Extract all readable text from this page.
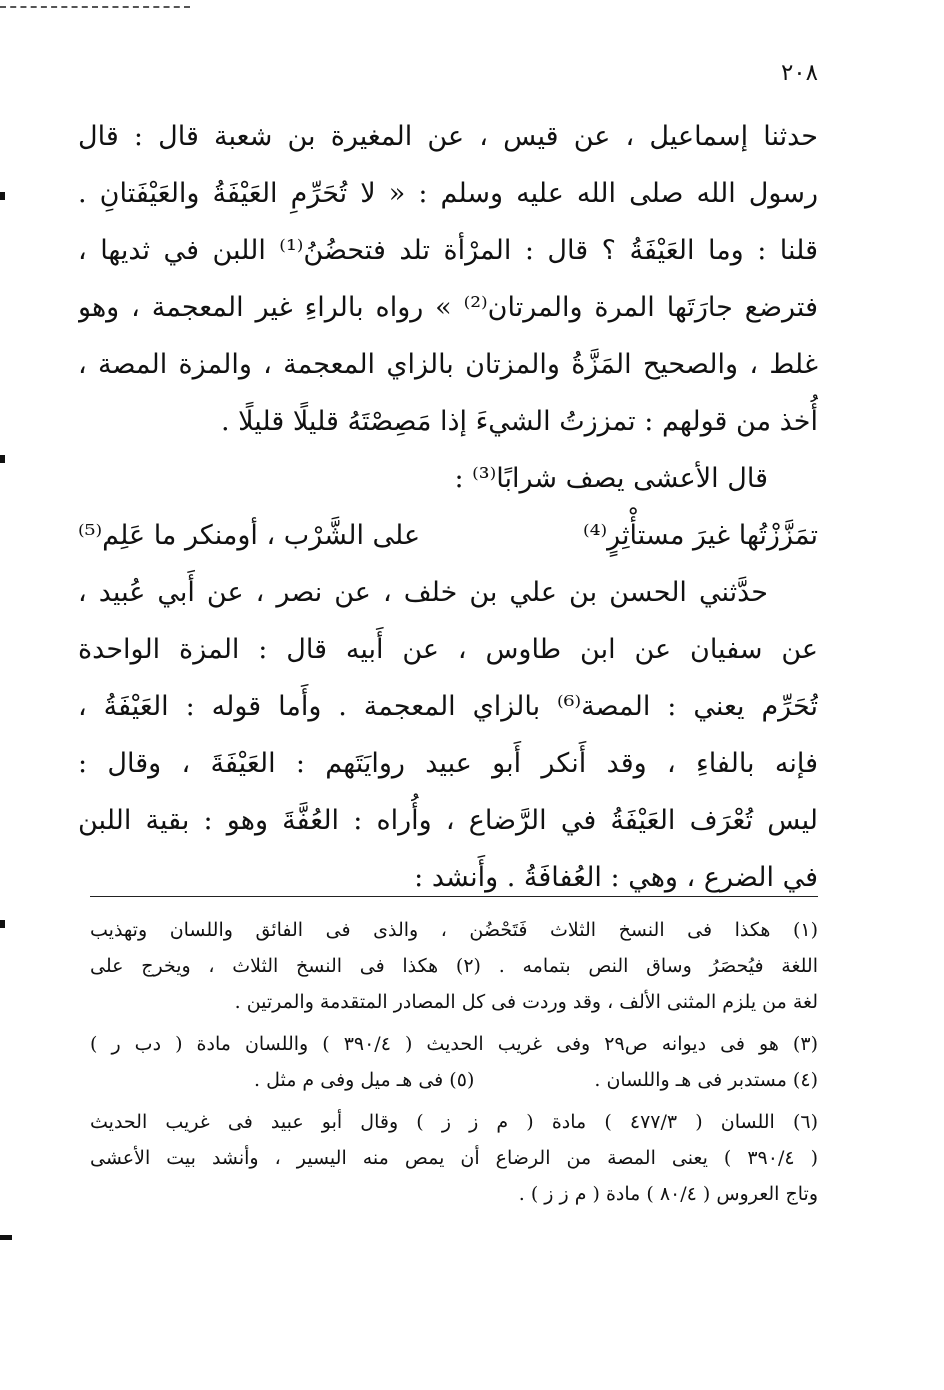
٢٠٨
حدثنا إسماعيل ، عن قيس ، عن المغيرة بن شعبة قال : قال
رسول الله صلى الله عليه وسلم : « لا تُحَرِّمِ العَيْفَةُ والعَيْفَتانِ .
قلنا : وما العَيْفَةُ ؟ قال : المرْأة تلد فتحضُنُ⁽¹⁾ اللبن في ثديها ،
فترضع جارَتَها المرة والمرتان⁽²⁾ » رواه بالراءِ غير المعجمة ، وهو
غلط ، والصحيح المَزَّةُ والمزتان بالزاي المعجمة ، والمزة المصة ،
أُخذ من قولهم : تمززتُ الشيءَ إذا مَصِصْتَهُ قليلًا قليلًا .
قال الأعشى يصف شرابًا⁽³⁾ :
تمَزَّزْتُها غيرَ مستأْثِرٍ⁽⁴⁾
على الشَّرْب ، أومنكر ما عَلِم⁽⁵⁾
حدَّثني الحسن بن علي بن خلف ، عن نصر ، عن أَبي عُبيد ،
عن سفيان عن ابن طاوس ، عن أَبيه قال : المزة الواحدة
تُحَرِّم يعني : المصة⁽⁶⁾ بالزاي المعجمة . وأَما قوله : العَيْفَةُ ،
فإنه بالفاءِ ، وقد أَنكر أَبو عبيد روايَتَهم : العَيْفَةَ ، وقال :
ليس تُعْرَف العَيْفَةُ في الرَّضاع ، وأُراه : العُفَّةَ وهو : بقية اللبن
في الضرع ، وهي : العُفافَةُ . وأَنشد :
(١) هكذا فى النسخ الثلاث فَتَحْضُن ، والذى فى الفائق واللسان وتهذيب
اللغة فيُحصَرُ وساق النص بتمامه . (٢) هكذا فى النسخ الثلاث ، ويخرج على
لغة من يلزم المثنى الألف ، وقد وردت فى كل المصادر المتقدمة والمرتين .
(٣) هو فى ديوانه ص٢٩ وفى غريب الحديث ( ٣٩٠/٤ ) واللسان مادة ( دب ر )
(٤) مستدبر فى هـ واللسان .
(٥) فى هـ ميل وفى م مثل .
(٦) اللسان ( ٤٧٧/٣ ) مادة ( م ز ز ) وقال أبو عبيد فى غريب الحديث
( ٣٩٠/٤ ) يعنى المصة من الرضاع أن يمص منه اليسير ، وأنشد بيت الأعشى
وتاج العروس ( ٨٠/٤ ) مادة ( م ز ز ) .
